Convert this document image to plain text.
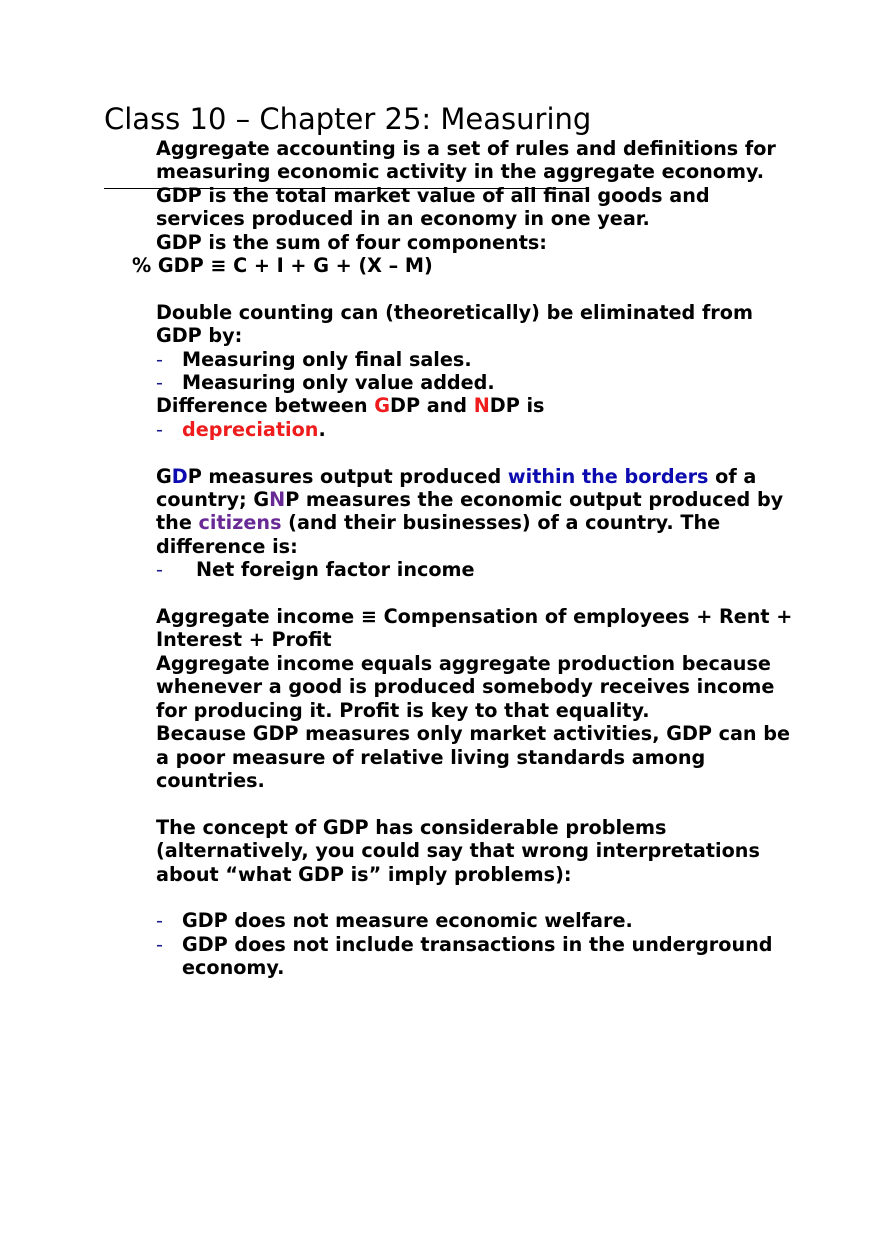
Class 10 – Chapter 25: Measuring

Aggregate accounting is a set of rules and definitions for measuring economic activity in the aggregate economy.

GDP is the total market value of all final goods and services produced in an economy in one year.

GDP is the sum of four components:

% GDP ≡ C + I + G + (X – M)

Double counting can (theoretically) be eliminated from GDP by:

- Measuring only final sales.

- Measuring only value added.

Difference between GDP and NDP is

- depreciation.

GDP measures output produced within the borders of a country; GNP measures the economic output produced by the citizens (and their businesses) of a country. The difference is:

- Net foreign factor income

Aggregate income ≡ Compensation of employees + Rent + Interest + Profit

Aggregate income equals aggregate production because whenever a good is produced somebody receives income for producing it. Profit is key to that equality.

Because GDP measures only market activities, GDP can be a poor measure of relative living standards among countries.

The concept of GDP has considerable problems (alternatively, you could say that wrong interpretations about “what GDP is” imply problems):

- GDP does not measure economic welfare.

- GDP does not include transactions in the underground economy.
